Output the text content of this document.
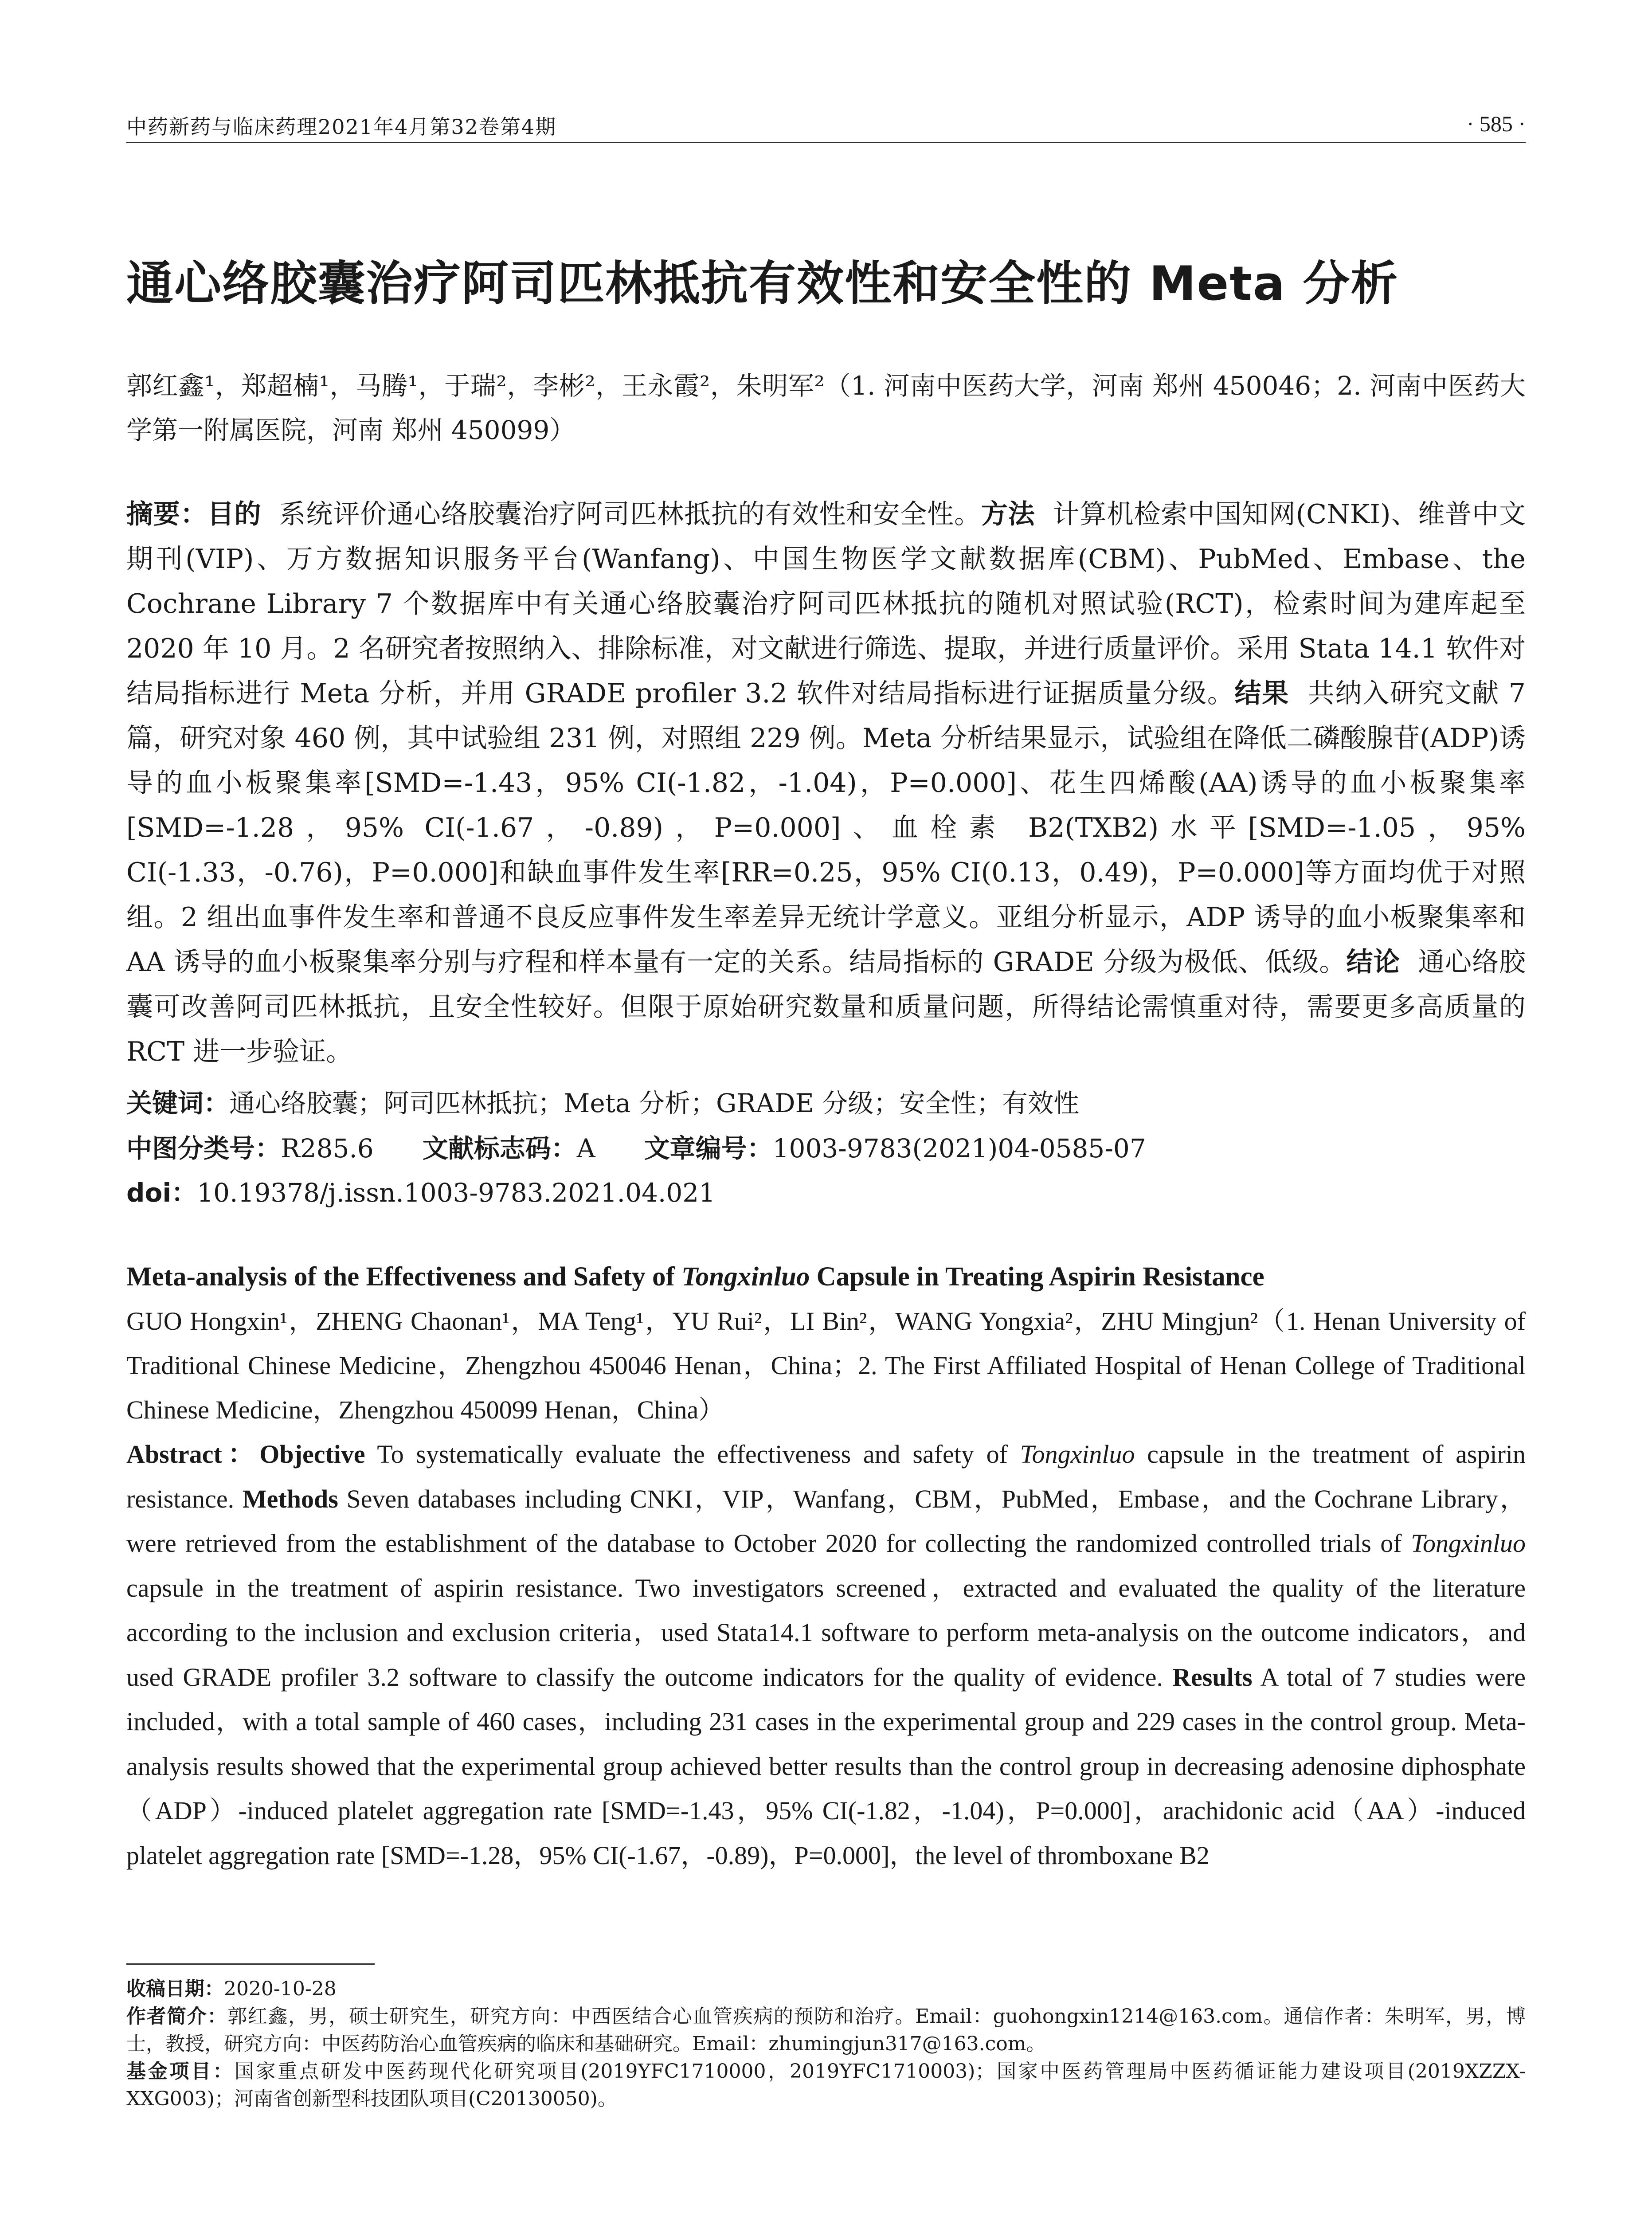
中药新药与临床药理2021年4月第32卷第4期	· 585 ·
通心络胶囊治疗阿司匹林抵抗有效性和安全性的 Meta 分析
郭红鑫¹，郑超楠¹，马腾¹，于瑞²，李彬²，王永霞²，朱明军²（1. 河南中医药大学，河南 郑州 450046；2. 河南中医药大学第一附属医院，河南 郑州 450099）
摘要：目的 系统评价通心络胶囊治疗阿司匹林抵抗的有效性和安全性。方法 计算机检索中国知网(CNKI)、维普中文期刊(VIP)、万方数据知识服务平台(Wanfang)、中国生物医学文献数据库(CBM)、PubMed、Embase、the Cochrane Library 7 个数据库中有关通心络胶囊治疗阿司匹林抵抗的随机对照试验(RCT)，检索时间为建库起至 2020 年 10 月。2 名研究者按照纳入、排除标准，对文献进行筛选、提取，并进行质量评价。采用 Stata 14.1 软件对结局指标进行 Meta 分析，并用 GRADE profiler 3.2 软件对结局指标进行证据质量分级。结果 共纳入研究文献 7 篇，研究对象 460 例，其中试验组 231 例，对照组 229 例。Meta 分析结果显示，试验组在降低二磷酸腺苷(ADP)诱导的血小板聚集率[SMD=-1.43，95% CI(-1.82，-1.04)，P=0.000]、花生四烯酸(AA)诱导的血小板聚集率[SMD=-1.28，95% CI(-1.67，-0.89)，P=0.000]、血栓素 B2(TXB2)水平[SMD=-1.05，95% CI(-1.33，-0.76)，P=0.000]和缺血事件发生率[RR=0.25，95% CI(0.13，0.49)，P=0.000]等方面均优于对照组。2 组出血事件发生率和普通不良反应事件发生率差异无统计学意义。亚组分析显示，ADP 诱导的血小板聚集率和 AA 诱导的血小板聚集率分别与疗程和样本量有一定的关系。结局指标的 GRADE 分级为极低、低级。结论 通心络胶囊可改善阿司匹林抵抗，且安全性较好。但限于原始研究数量和质量问题，所得结论需慎重对待，需要更多高质量的 RCT 进一步验证。
关键词：通心络胶囊；阿司匹林抵抗；Meta 分析；GRADE 分级；安全性；有效性
中图分类号：R285.6 文献标志码：A 文章编号：1003-9783(2021)04-0585-07
doi：10.19378/j.issn.1003-9783.2021.04.021
Meta-analysis of the Effectiveness and Safety of Tongxinluo Capsule in Treating Aspirin Resistance
GUO Hongxin¹，ZHENG Chaonan¹，MA Teng¹，YU Rui²，LI Bin²，WANG Yongxia²，ZHU Mingjun²（1. Henan University of Traditional Chinese Medicine，Zhengzhou 450046 Henan，China；2. The First Affiliated Hospital of Henan College of Traditional Chinese Medicine，Zhengzhou 450099 Henan，China）
Abstract：Objective To systematically evaluate the effectiveness and safety of Tongxinluo capsule in the treatment of aspirin resistance. Methods Seven databases including CNKI，VIP，Wanfang，CBM，PubMed，Embase，and the Cochrane Library，were retrieved from the establishment of the database to October 2020 for collecting the randomized controlled trials of Tongxinluo capsule in the treatment of aspirin resistance. Two investigators screened，extracted and evaluated the quality of the literature according to the inclusion and exclusion criteria，used Stata14.1 software to perform meta-analysis on the outcome indicators，and used GRADE profiler 3.2 software to classify the outcome indicators for the quality of evidence. Results A total of 7 studies were included，with a total sample of 460 cases，including 231 cases in the experimental group and 229 cases in the control group. Meta-analysis results showed that the experimental group achieved better results than the control group in decreasing adenosine diphosphate（ADP）-induced platelet aggregation rate [SMD=-1.43，95% CI(-1.82，-1.04)，P=0.000]，arachidonic acid（AA）-induced platelet aggregation rate [SMD=-1.28，95% CI(-1.67，-0.89)，P=0.000]，the level of thromboxane B2

收稿日期：2020-10-28

作者简介：郭红鑫，男，硕士研究生，研究方向：中西医结合心血管疾病的预防和治疗。Email：guohongxin1214@163.com。通信作者：朱明军，男，博士，教授，研究方向：中医药防治心血管疾病的临床和基础研究。Email：zhumingjun317@163.com。

基金项目：国家重点研发中医药现代化研究项目(2019YFC1710000，2019YFC1710003)；国家中医药管理局中医药循证能力建设项目(2019XZZX-XXG003)；河南省创新型科技团队项目(C20130050)。
